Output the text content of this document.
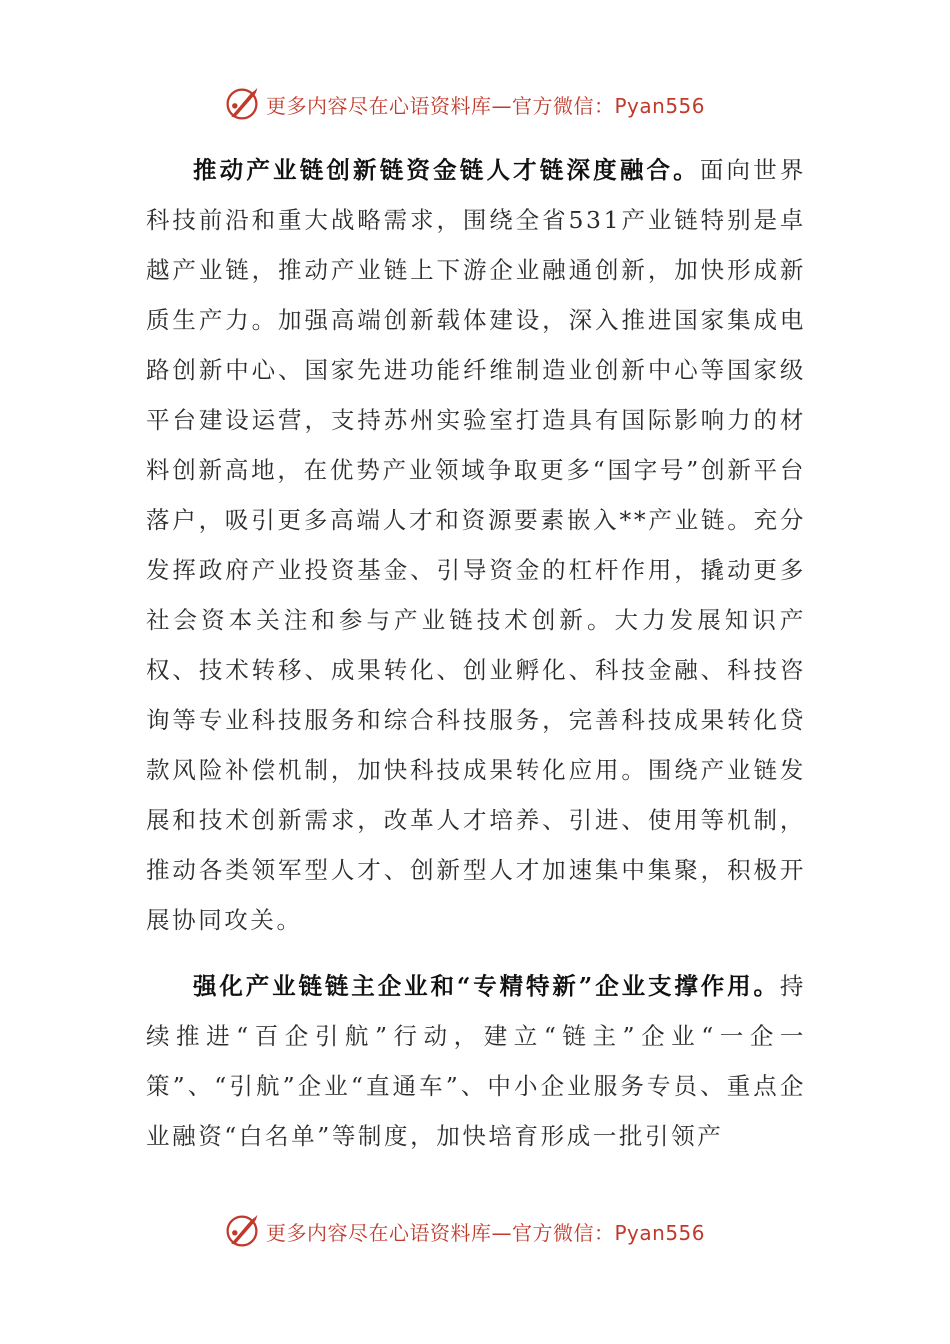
更多内容尽在心语资料库—官方微信：Pyan556

推动产业链创新链资金链人才链深度融合。面向世界科技前沿和重大战略需求，围绕全省531产业链特别是卓越产业链，推动产业链上下游企业融通创新，加快形成新质生产力。加强高端创新载体建设，深入推进国家集成电路创新中心、国家先进功能纤维制造业创新中心等国家级平台建设运营，支持苏州实验室打造具有国际影响力的材料创新高地，在优势产业领域争取更多“国字号”创新平台落户，吸引更多高端人才和资源要素嵌入**产业链。充分发挥政府产业投资基金、引导资金的杠杆作用，撬动更多社会资本关注和参与产业链技术创新。大力发展知识产权、技术转移、成果转化、创业孵化、科技金融、科技咨询等专业科技服务和综合科技服务，完善科技成果转化贷款风险补偿机制，加快科技成果转化应用。围绕产业链发展和技术创新需求，改革人才培养、引进、使用等机制，推动各类领军型人才、创新型人才加速集中集聚，积极开展协同攻关。

强化产业链链主企业和“专精特新”企业支撑作用。持续推进“百企引航”行动，建立“链主”企业“一企一策”、“引航”企业“直通车”、中小企业服务专员、重点企业融资“白名单”等制度，加快培育形成一批引领产

更多内容尽在心语资料库—官方微信：Pyan556
